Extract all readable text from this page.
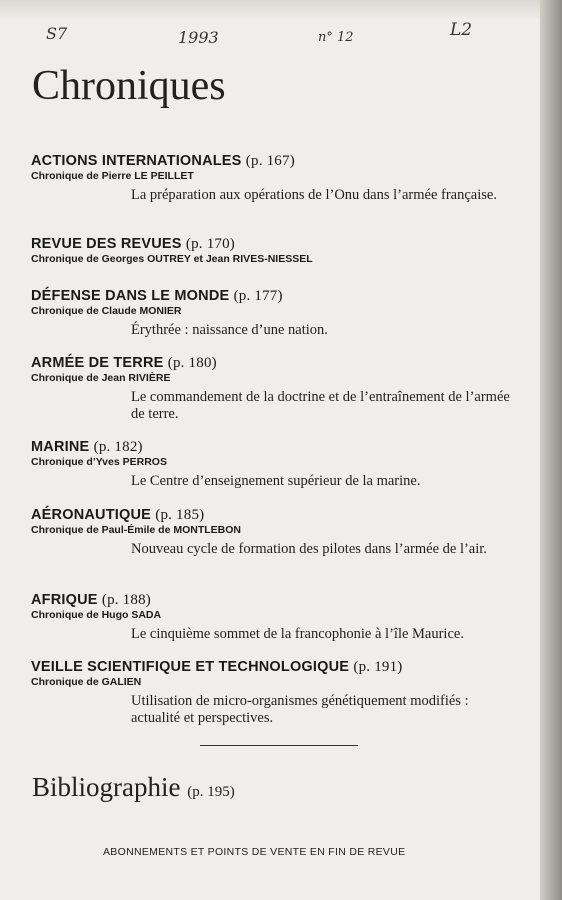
S7	1993	n° 12	L2
Chroniques

ACTIONS INTERNATIONALES (p. 167)

Chronique de Pierre LE PEILLET

La préparation aux opérations de l’Onu dans l’armée française.

REVUE DES REVUES (p. 170)

Chronique de Georges OUTREY et Jean RIVES-NIESSEL

DÉFENSE DANS LE MONDE (p. 177)

Chronique de Claude MONIER

Érythrée : naissance d’une nation.

ARMÉE DE TERRE (p. 180)

Chronique de Jean RIVIÈRE

Le commandement de la doctrine et de l’entraînement de l’armée de terre.

MARINE (p. 182)

Chronique d’Yves PERROS

Le Centre d’enseignement supérieur de la marine.

AÉRONAUTIQUE (p. 185)

Chronique de Paul-Émile de MONTLEBON

Nouveau cycle de formation des pilotes dans l’armée de l’air.

AFRIQUE (p. 188)

Chronique de Hugo SADA

Le cinquième sommet de la francophonie à l’île Maurice.

VEILLE SCIENTIFIQUE ET TECHNOLOGIQUE (p. 191)

Chronique de GALIEN

Utilisation de micro-organismes génétiquement modifiés : actualité et perspectives.

Bibliographie (p. 195)
ABONNEMENTS ET POINTS DE VENTE EN FIN DE REVUE
